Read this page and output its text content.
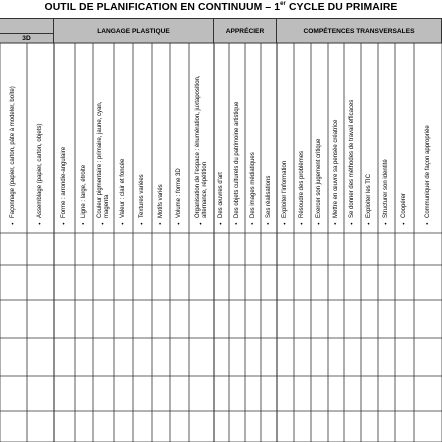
OUTIL DE PLANIFICATION EN CONTINUUM – 1er CYCLE DU PRIMAIRE
3D
LANGAGE PLASTIQUE	APPRÉCIER	COMPÉTENCES TRANSVERSALES
Façonnage (papier, carton, pâte à modeler, boîte)
•
Assemblage (papier, carton, objets)
•
Forme : arrondie-angulaire
•
Ligne : large, étroite
•
Couleur pigmentaire : primaire, jaune, cyan, magenta
•
Valeur : clair et foncée
•
Textures variées
•
Motifs variés
•
Volume : forme 3D
•
Organisation de l'espace : énumération, juxtaposition, alternance, répétition
•
Des œuvres d'art
•
Des objets culturels du patrimoine artistique
•
Des images médiatiques
•
Ses réalisations
•
Exploiter l'information
•
Résoudre des problèmes
•
Exercer son jugement critique
•
Mettre en œuvre sa pensée créatrice
•
Se donner des méthodes de travail efficaces
•
Exploiter les TIC
•
Structurer son identité
•
Coopérer
•
Communiquer de façon appropriée
•
